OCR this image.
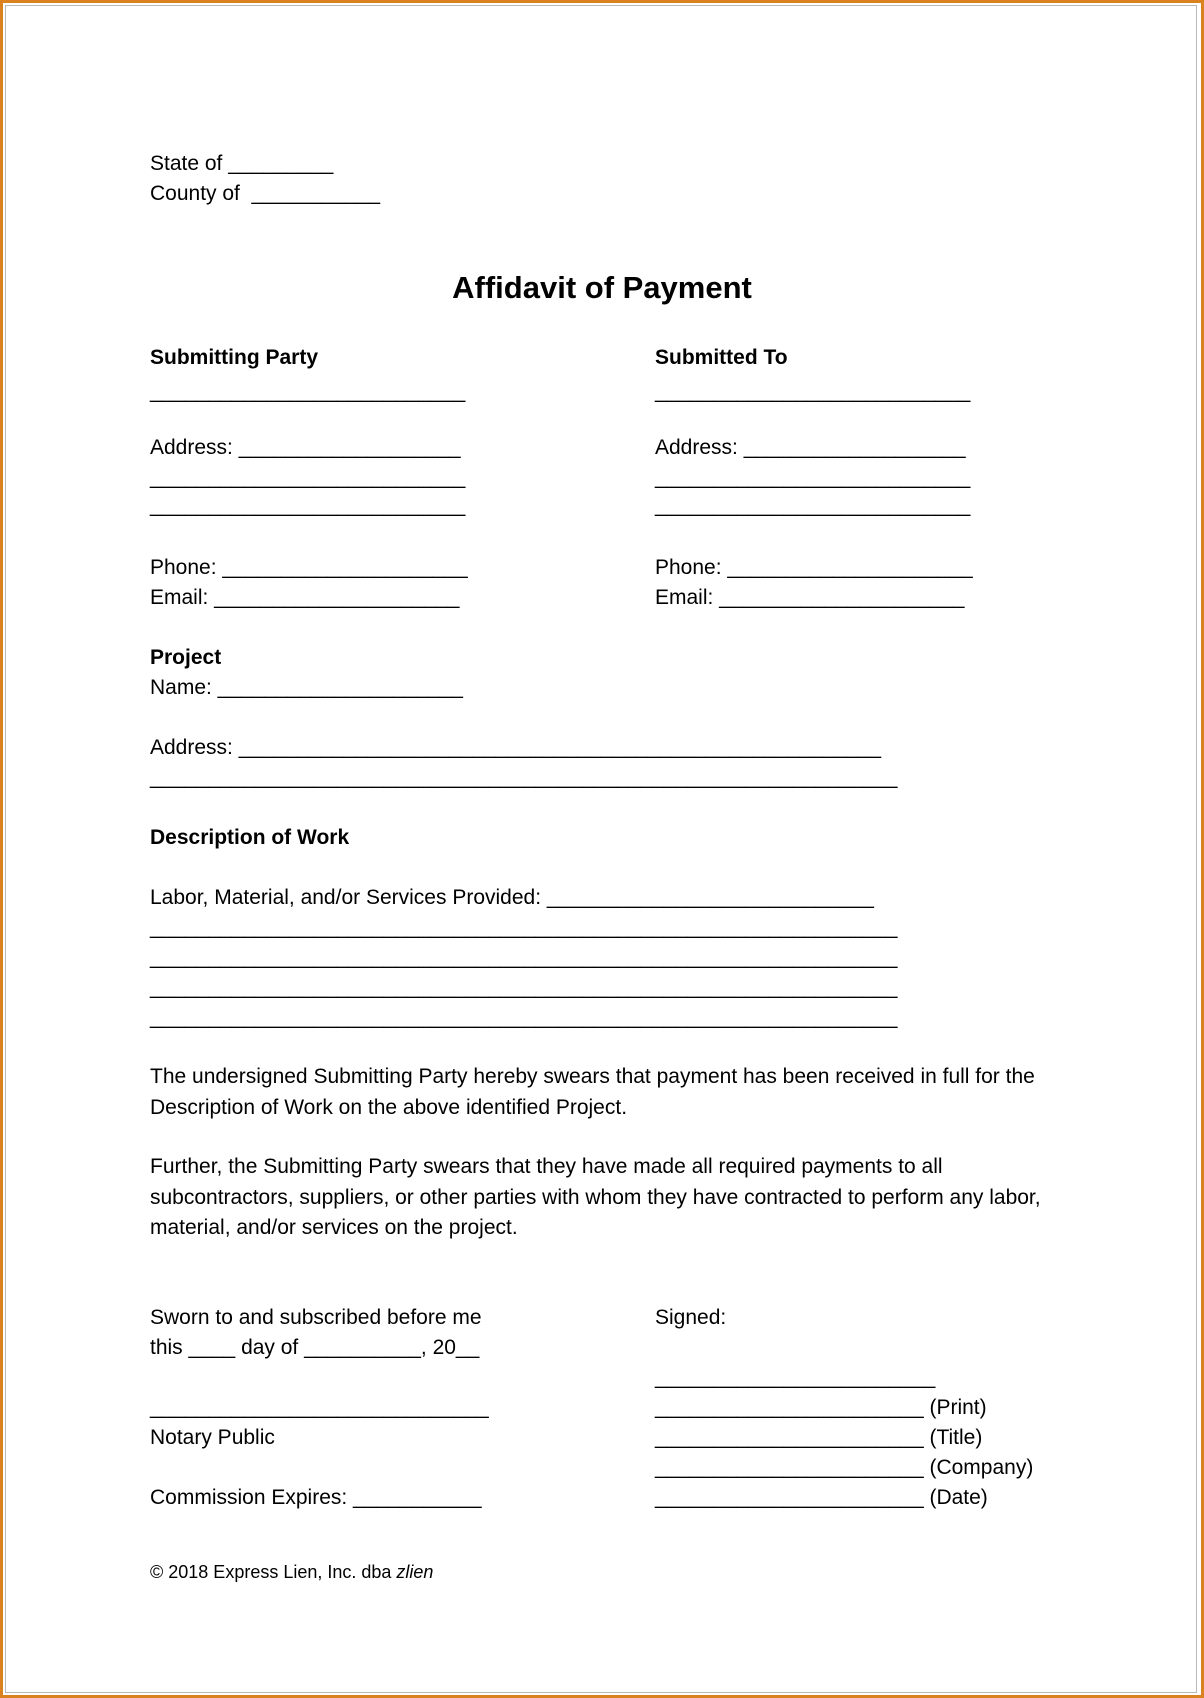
State of _________

County of  ___________

Affidavit of Payment

Submitting Party

___________________________

Address: ___________________

___________________________

___________________________

Phone: _____________________

Email: _____________________

Submitted To

___________________________

Address: ___________________

___________________________

___________________________

Phone: _____________________

Email: _____________________

Project

Name: _____________________

Address: _______________________________________________________

________________________________________________________________

Description of Work

Labor, Material, and/or Services Provided: ____________________________

________________________________________________________________

________________________________________________________________

________________________________________________________________

________________________________________________________________

The undersigned Submitting Party hereby swears that payment has been received in full for the Description of Work on the above identified Project.

Further, the Submitting Party swears that they have made all required payments to all subcontractors, suppliers, or other parties with whom they have contracted to perform any labor, material, and/or services on the project.

Sworn to and subscribed before me

this ____ day of __________, 20__

_____________________________

Notary Public

Commission Expires: ___________

Signed:

________________________

_______________________ (Print)

_______________________ (Title)

_______________________ (Company)

_______________________ (Date)

© 2018 Express Lien, Inc. dba zlien
